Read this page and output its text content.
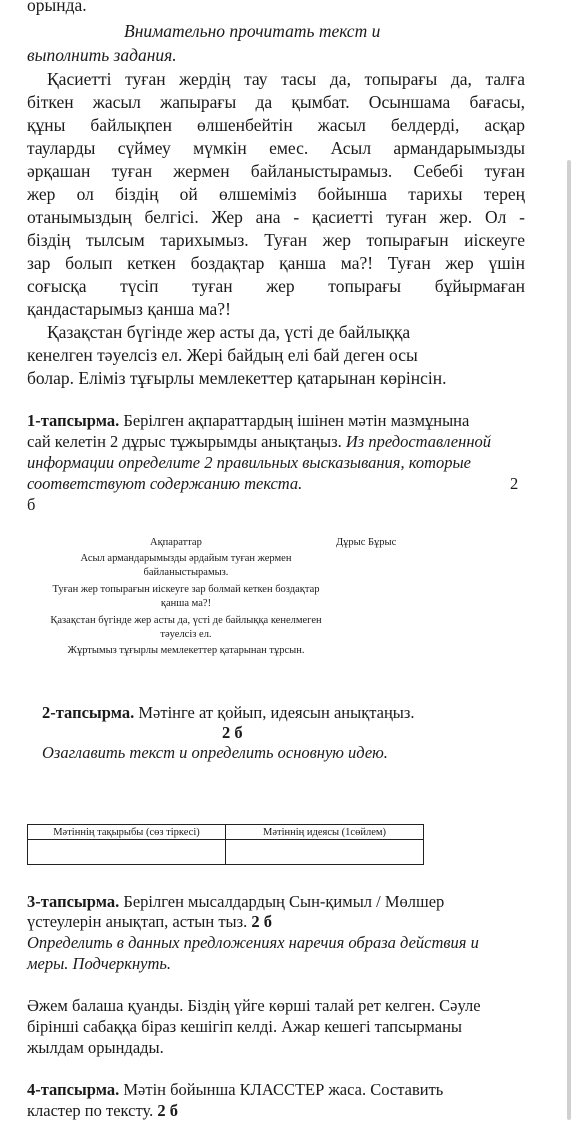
орында.
Внимательно прочитать текст и
выполнить задания.
Қасиетті туған жердің тау тасы да, топырағы да, талға
біткен жасыл жапырағы да қымбат. Осыншама бағасы,
құны байлықпен өлшенбейтін жасыл белдерді, асқар
тауларды сүймеу мүмкін емес. Асыл армандарымызды
әрқашан туған жермен байланыстырамыз. Себебі туған
жер ол біздің ой өлшеміміз бойынша тарихы терең
отанымыздың белгісі. Жер ана - қасиетті туған жер. Ол -
біздің тылсым тарихымыз. Туған жер топырағын иіскеуге
зар болып кеткен боздақтар қанша ма?! Туған жер үшін
соғысқа түсіп туған жер топырағы бұйырмаған
қандастарымыз қанша ма?!
Қазақстан бүгінде жер асты да, үсті де байлыққа
кенелген тәуелсіз ел. Жері байдың елі бай деген осы
болар. Еліміз тұғырлы мемлекеттер қатарынан көрінсін.
1-тапсырма. Берілген ақпараттардың ішінен мәтін мазмұнына
сай келетін 2 дұрыс тұжырымды анықтаңыз. Из предоставленной
информации определите 2 правильных высказывания, которые
соответствуют содержанию текста.	2
б
Ақпараттар	Дұрыс Бұрыс
Асыл армандарымызды әрдайым туған жермен
байланыстырамыз.
Туған жер топырағын иіскеуге зар болмай кеткен боздақтар
қанша ма?!
Қазақстан бүгінде жер асты да, үсті де байлыққа кенелмеген
тәуелсіз ел.
Жұртымыз тұғырлы мемлекеттер қатарынан тұрсын.
2-тапсырма. Мәтінге ат қойып, идеясын анықтаңыз.
2 б
Озаглавить текст и определить основную идею.
Мәтіннің тақырыбы (сөз тіркесі)	Мәтіннің идеясы (1сөйлем)

3-тапсырма. Берілген мысалдардың Сын-қимыл / Мөлшер
үстеулерін анықтап, астын тыз. 2 б
Определить в данных предложениях наречия образа действия и
меры. Подчеркнуть.
Әжем балаша қуанды. Біздің үйге көрші талай рет келген. Сәуле
бірінші сабаққа біраз кешігіп келді. Ажар кешегі тапсырманы
жылдам орындады.
4-тапсырма. Мәтін бойынша КЛАССТЕР жаса. Составить
кластер по тексту. 2 б
